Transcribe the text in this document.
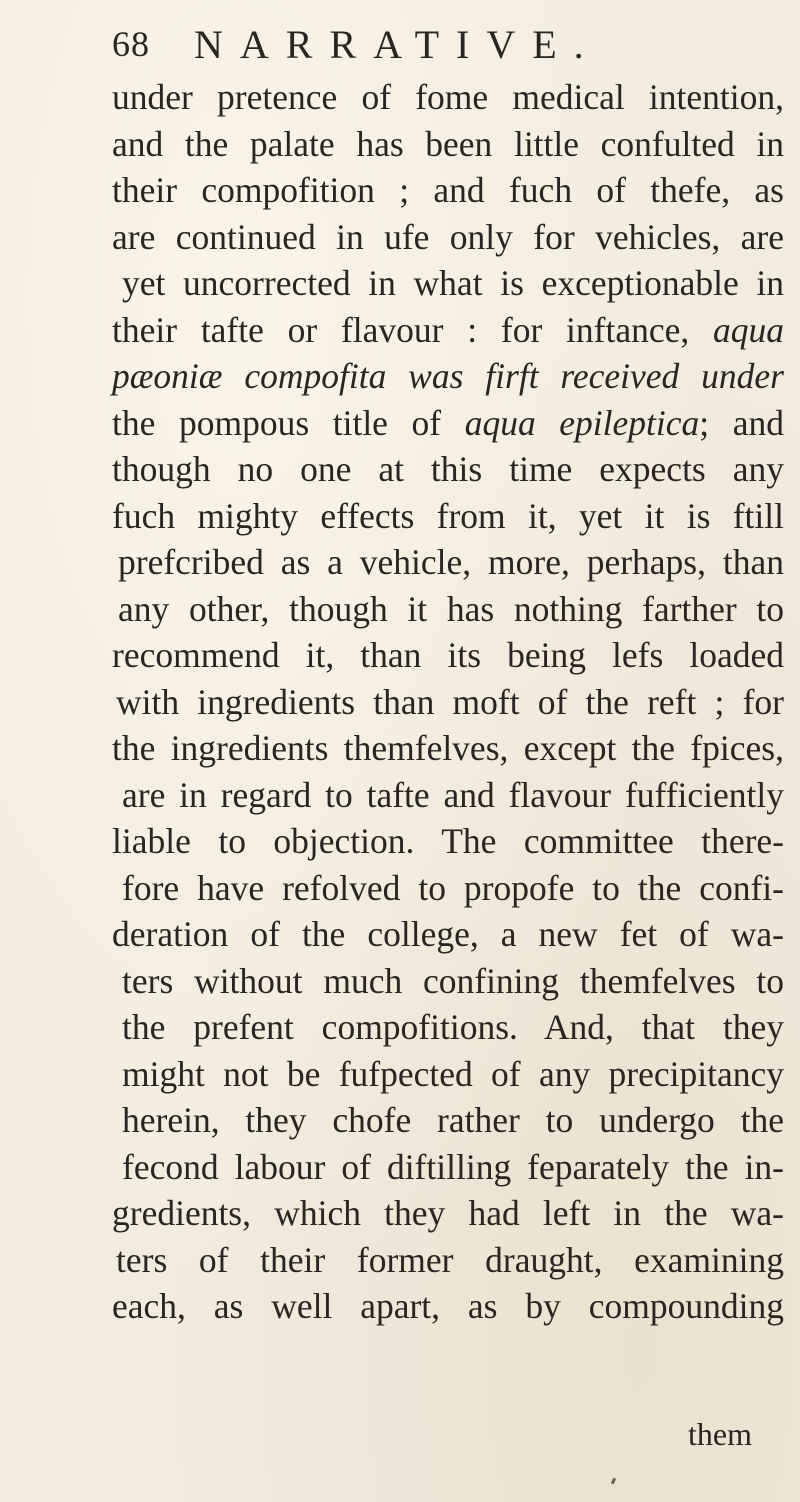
68 NARRATIVE.
under pretence of fome medical intention,
and the palate has been little confulted in
their compofition ; and fuch of thefe, as
are continued in ufe only for vehicles, are
yet uncorrected in what is exceptionable in
their tafte or flavour : for inftance, aqua
pæoniæ compofita was firft received under
the pompous title of aqua epileptica; and
though no one at this time expects any
fuch mighty effects from it, yet it is ftill
prefcribed as a vehicle, more, perhaps, than
any other, though it has nothing farther to
recommend it, than its being lefs loaded
with ingredients than moft of the reft ; for
the ingredients themfelves, except the fpices,
are in regard to tafte and flavour fufficiently
liable to objection. The committee there-
fore have refolved to propofe to the confi-
deration of the college, a new fet of wa-
ters without much confining themfelves to
the prefent compofitions. And, that they
might not be fufpected of any precipitancy
herein, they chofe rather to undergo the
fecond labour of diftilling feparately the in-
gredients, which they had left in the wa-
ters of their former draught, examining
each, as well apart, as by compounding
them
